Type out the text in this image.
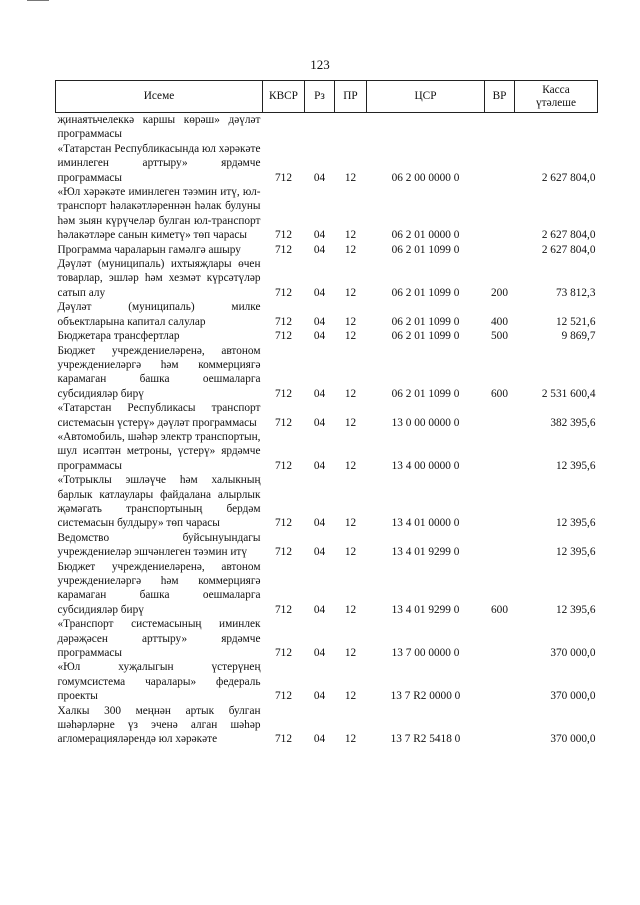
123
Исеме	КВСР	Рз	ПР	ЦСР	ВР	Касса
үтәлеше

җинаятьчелеккә каршы көрәш» дәүләт программасы						
«Татарстан Республикасында юл хәрәкәте иминлеген арттыру» ярдәмче программасы	712	04	12	06 2 00 0000 0		2 627 804,0
«Юл хәрәкәте иминлеген тәэмин итү, юл-транспорт һәлакәтләреннән һәлак булуны һәм зыян күрүчеләр булган юл-транспорт һәлакәтләре санын киметү» төп чарасы	712	04	12	06 2 01 0000 0		2 627 804,0
Программа чараларын гамәлгә ашыру	712	04	12	06 2 01 1099 0		2 627 804,0
Дәүләт (муниципаль) ихтыяҗлары өчен товарлар, эшләр һәм хезмәт күрсәтүләр сатып алу	712	04	12	06 2 01 1099 0	200	73 812,3
Дәүләт (муниципаль) милке объектларына капитал салулар	712	04	12	06 2 01 1099 0	400	12 521,6
Бюджетара трансфертлар	712	04	12	06 2 01 1099 0	500	9 869,7
Бюджет учреждениеләренә, автоном учреждениеләргә һәм коммерциягә карамаган башка оешмаларга субсидияләр бирү	712	04	12	06 2 01 1099 0	600	2 531 600,4
«Татарстан Республикасы транспорт системасын үстерү» дәүләт программасы	712	04	12	13 0 00 0000 0		382 395,6
«Автомобиль, шәһәр электр транспортын, шул исәптән метроны, үстерү» ярдәмче программасы	712	04	12	13 4 00 0000 0		12 395,6
«Тотрыклы эшләүче һәм халыкның барлык катлаулары файдалана алырлык җәмәгать транспортының бердәм системасын булдыру» төп чарасы	712	04	12	13 4 01 0000 0		12 395,6
Ведомство буйсынуындагы учреждениеләр эшчәнлеген тәэмин итү	712	04	12	13 4 01 9299 0		12 395,6
Бюджет учреждениеләренә, автоном учреждениеләргә һәм коммерциягә карамаган башка оешмаларга субсидияләр бирү	712	04	12	13 4 01 9299 0	600	12 395,6
«Транспорт системасының иминлек дәрәҗәсен арттыру» ярдәмче программасы	712	04	12	13 7 00 0000 0		370 000,0
«Юл хуҗалыгын үстерүнең гомумсистема чаралары» федераль проекты	712	04	12	13 7 R2 0000 0		370 000,0
Халкы 300 меңнән артык булган шәһәрләрне үз эченә алган шәһәр агломерацияләрендә юл хәрәкәте	712	04	12	13 7 R2 5418 0		370 000,0
